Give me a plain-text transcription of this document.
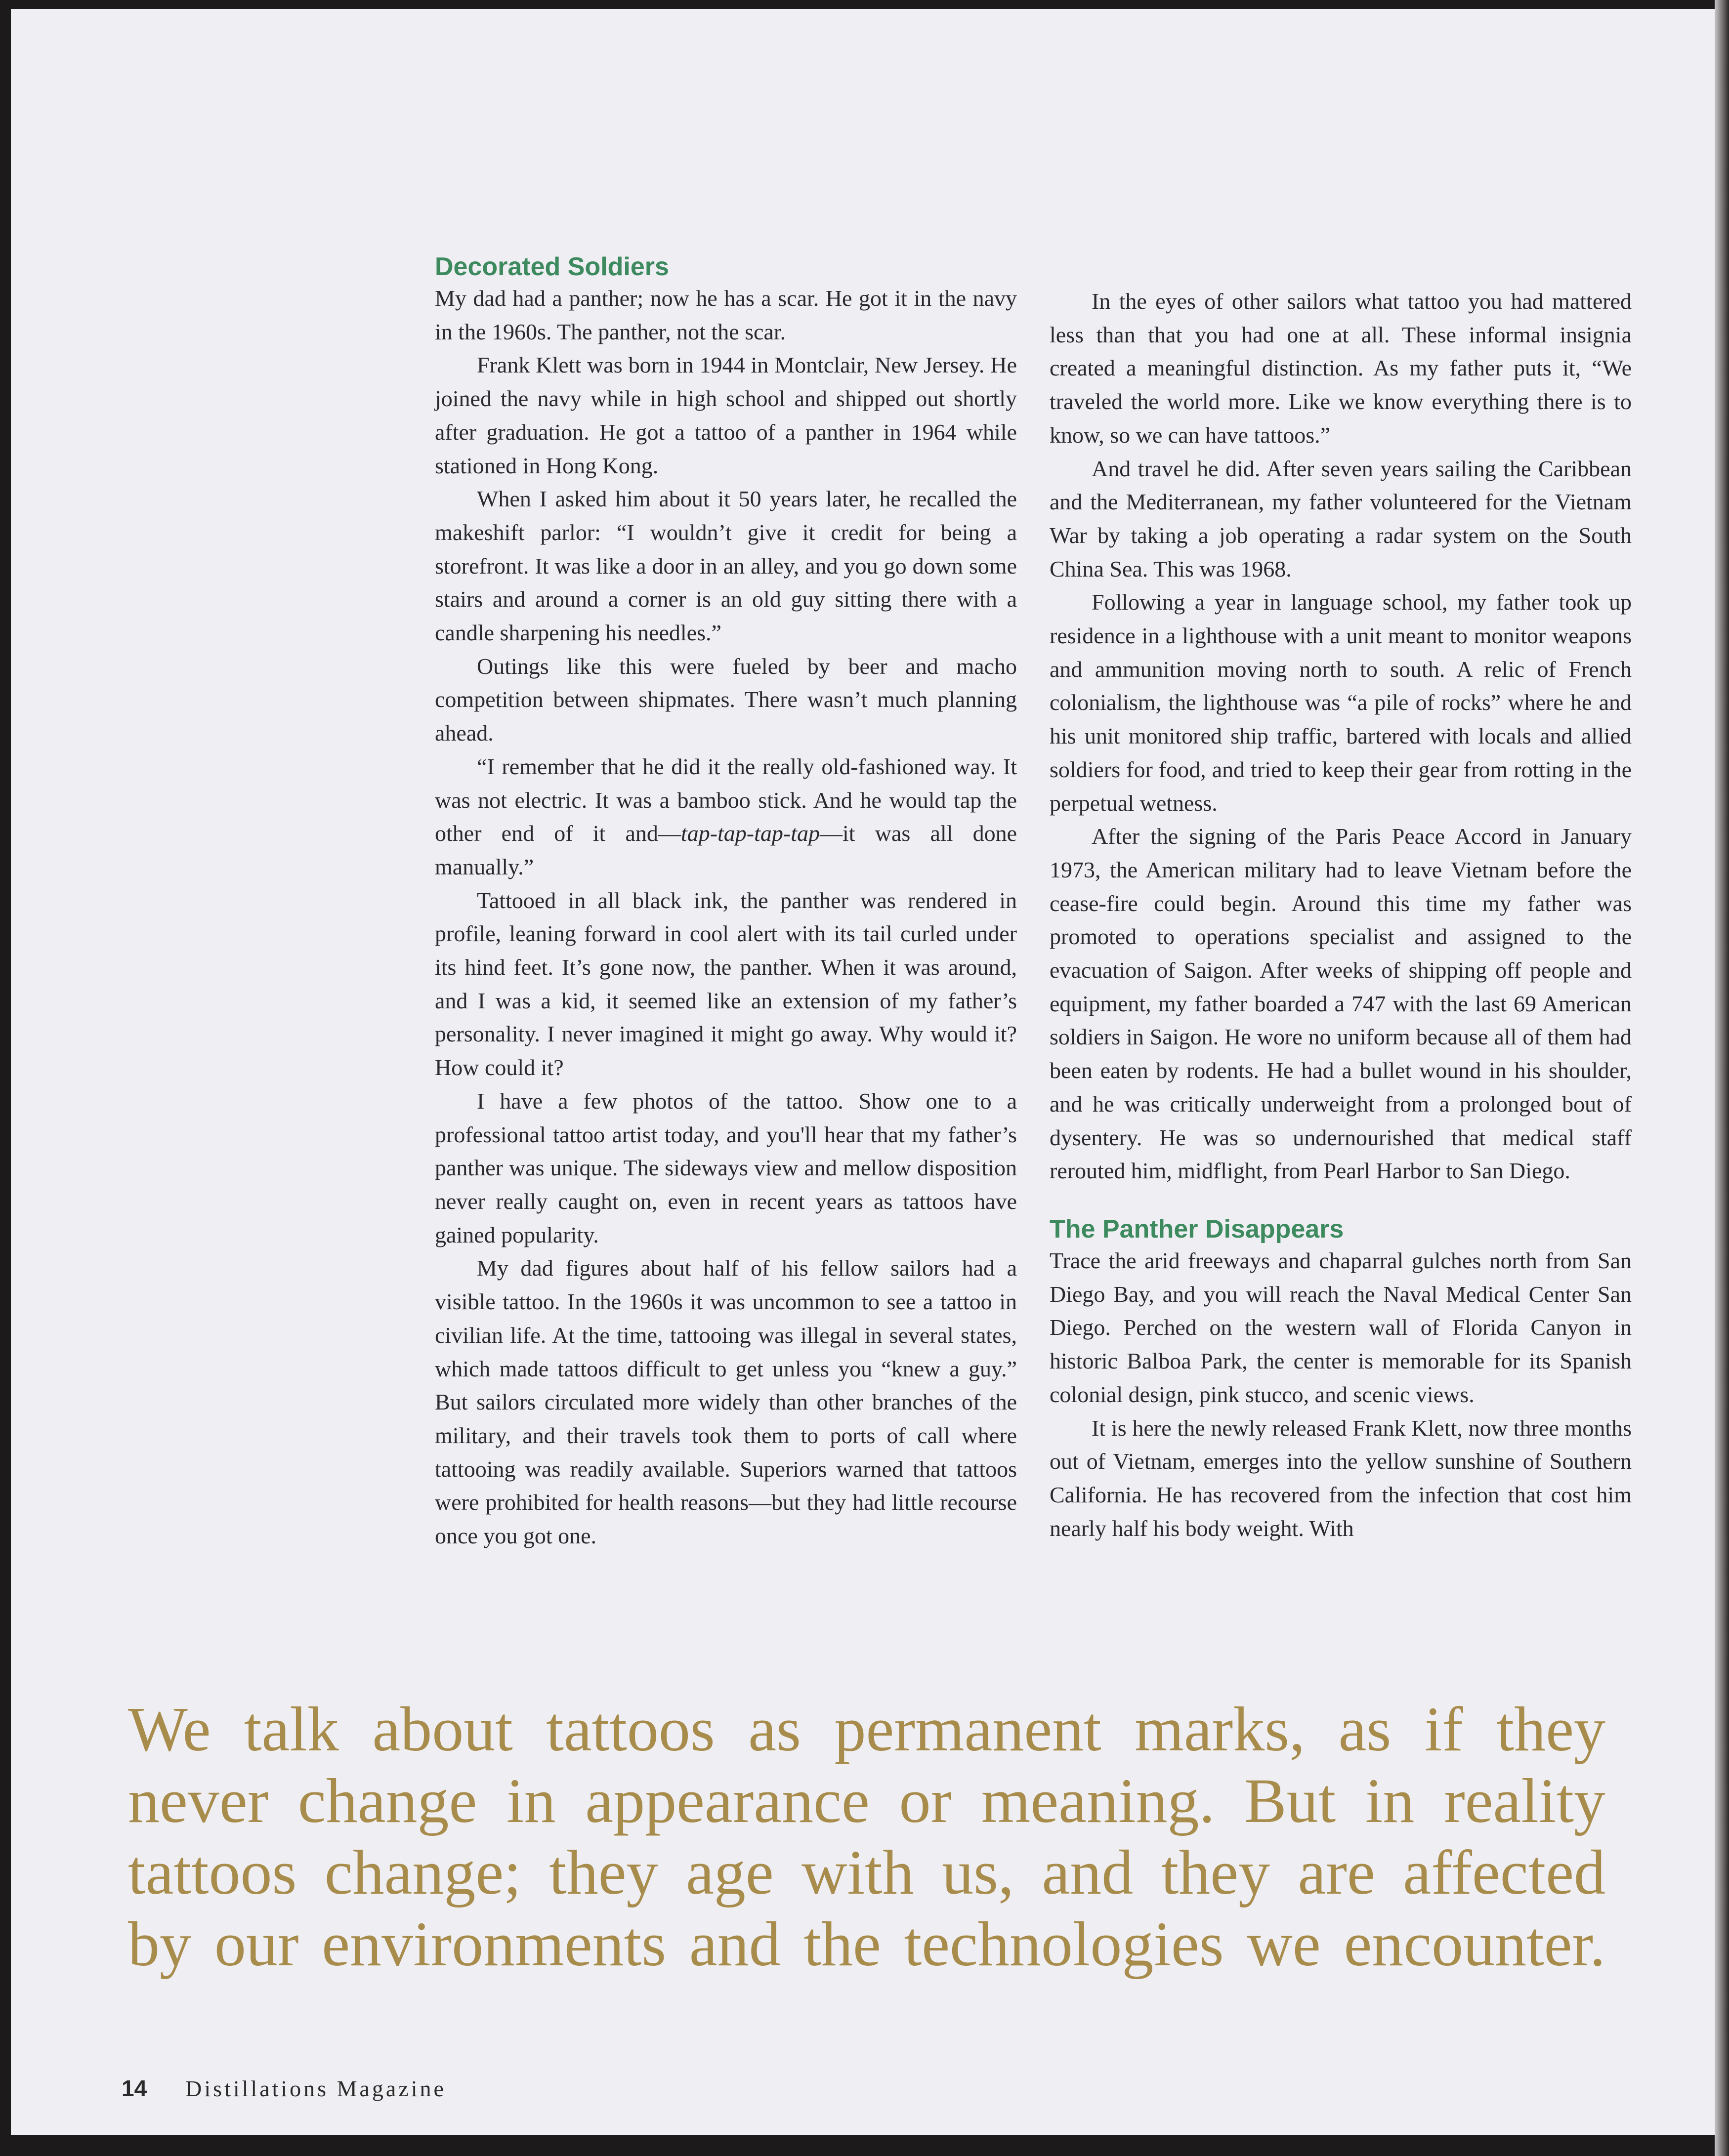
Decorated Soldiers

My dad had a panther; now he has a scar. He got it in the navy in the 1960s. The panther, not the scar.

Frank Klett was born in 1944 in Montclair, New Jersey. He joined the navy while in high school and shipped out shortly after graduation. He got a tattoo of a panther in 1964 while stationed in Hong Kong.

When I asked him about it 50 years later, he recalled the makeshift parlor: “I wouldn’t give it credit for being a storefront. It was like a door in an alley, and you go down some stairs and around a corner is an old guy sitting there with a candle sharpening his needles.”

Outings like this were fueled by beer and macho competition between shipmates. There wasn’t much planning ahead.

“I remember that he did it the really old-fashioned way. It was not electric. It was a bamboo stick. And he would tap the other end of it and—tap-tap-tap-tap—it was all done manually.”

Tattooed in all black ink, the panther was rendered in profile, leaning forward in cool alert with its tail curled under its hind feet. It’s gone now, the panther. When it was around, and I was a kid, it seemed like an extension of my father’s personality. I never imagined it might go away. Why would it? How could it?

I have a few photos of the tattoo. Show one to a professional tattoo artist today, and you'll hear that my father’s panther was unique. The sideways view and mellow disposition never really caught on, even in recent years as tattoos have gained popularity.

My dad figures about half of his fellow sailors had a visible tattoo. In the 1960s it was uncommon to see a tattoo in civilian life. At the time, tattooing was illegal in several states, which made tattoos difficult to get unless you “knew a guy.” But sailors circulated more widely than other branches of the military, and their travels took them to ports of call where tattooing was readily available. Superiors warned that tattoos were prohibited for health reasons—but they had little recourse once you got one.

In the eyes of other sailors what tattoo you had mattered less than that you had one at all. These informal insignia created a meaningful distinction. As my father puts it, “We traveled the world more. Like we know everything there is to know, so we can have tattoos.”

And travel he did. After seven years sailing the Caribbean and the Mediterranean, my father volunteered for the Vietnam War by taking a job operating a radar system on the South China Sea. This was 1968.

Following a year in language school, my father took up residence in a lighthouse with a unit meant to monitor weapons and ammunition moving north to south. A relic of French colonialism, the lighthouse was “a pile of rocks” where he and his unit monitored ship traffic, bartered with locals and allied soldiers for food, and tried to keep their gear from rotting in the perpetual wetness.

After the signing of the Paris Peace Accord in January 1973, the American military had to leave Vietnam before the cease-fire could begin. Around this time my father was promoted to operations specialist and assigned to the evacuation of Saigon. After weeks of shipping off people and equipment, my father boarded a 747 with the last 69 American soldiers in Saigon. He wore no uniform because all of them had been eaten by rodents. He had a bullet wound in his shoulder, and he was critically underweight from a prolonged bout of dysentery. He was so undernourished that medical staff rerouted him, midflight, from Pearl Harbor to San Diego.

The Panther Disappears

Trace the arid freeways and chaparral gulches north from San Diego Bay, and you will reach the Naval Medical Center San Diego. Perched on the western wall of Florida Canyon in historic Balboa Park, the center is memorable for its Spanish colonial design, pink stucco, and scenic views.

It is here the newly released Frank Klett, now three months out of Vietnam, emerges into the yellow sunshine of Southern California. He has recovered from the infection that cost him nearly half his body weight. With

We talk about tattoos as permanent marks, as if they
never change in appearance or meaning. But in reality
tattoos change; they age with us, and they are affected
by our environments and the technologies we encounter.
14 Distillations Magazine
